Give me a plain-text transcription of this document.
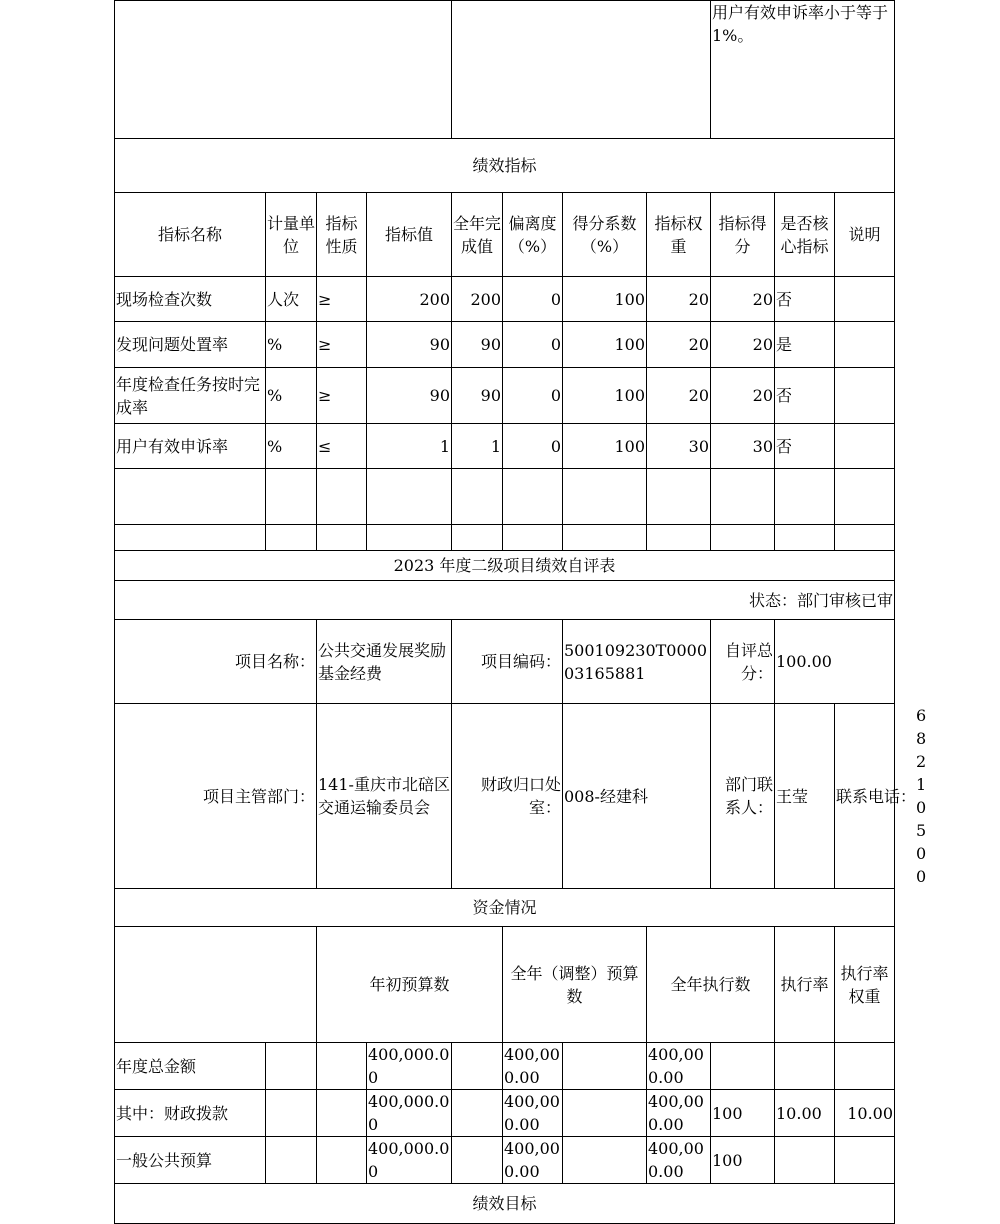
								用户有效申诉率小于等于 1%。			
绩效指标											
指标名称	计量单位	指标性质	指标值	全年完成值	偏离度（%）	得分系数（%）	指标权重	指标得分	是否核心指标	说明	
现场检查次数	人次	≥	200	200	0	100	20	20	否		
发现问题处置率	%	≥	90	90	0	100	20	20	是		
年度检查任务按时完成率	%	≥	90	90	0	100	20	20	否		
用户有效申诉率	%	≤	1	1	0	100	30	30	否		

2023 年度二级项目绩效自评表											
状态：部门审核已审											
项目名称：		公共交通发展奖励基金经费		项目编码：		500109230T000003165881		自评总分：	100.00		
项目主管部门：		141-重庆市北碚区交通运输委员会		财政归口处室：		008-经建科		部门联系人：	王莹	联系电话：
68210500	

资金情况											
		年初预算数			全年（调整）预算数		全年执行数		执行率	执行率权重	
年度总金额			400,000.00		400,000.00		400,000.00				
其中：财政拨款			400,000.00		400,000.00		400,000.00	100	10.00	10.00	
一般公共预算			400,000.00		400,000.00		400,000.00	100			
绩效目标											
